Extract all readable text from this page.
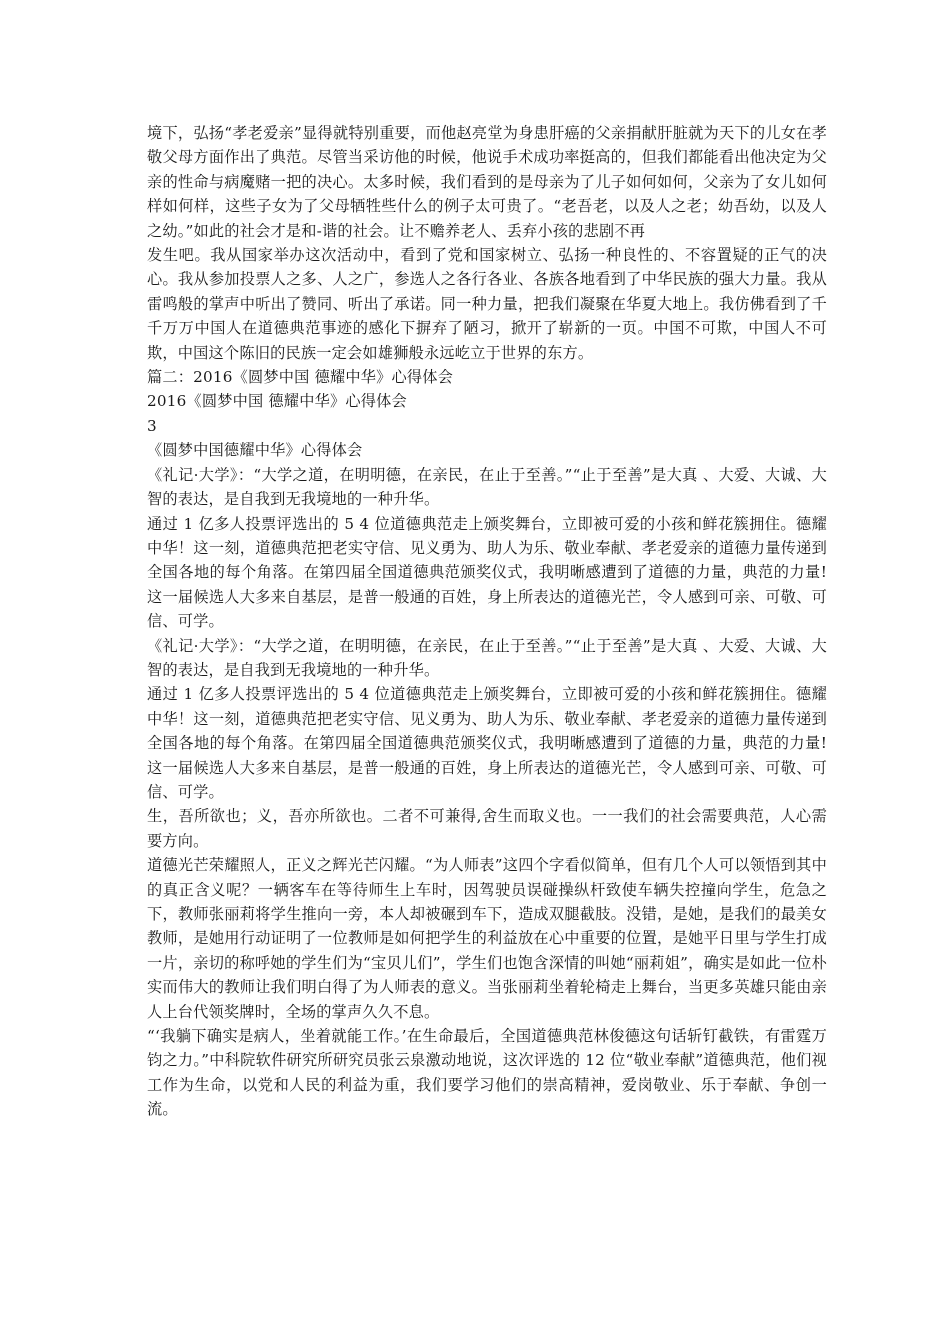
境下，弘扬“孝老爱亲”显得就特别重要，而他赵亮堂为身患肝癌的父亲捐献肝脏就为天下的儿女在孝敬父母方面作出了典范。尽管当采访他的时候，他说手术成功率挺高的，但我们都能看出他决定为父亲的性命与病魔赌一把的决心。太多时候，我们看到的是母亲为了儿子如何如何，父亲为了女儿如何样如何样，这些子女为了父母牺牲些什么的例子太可贵了。“老吾老，以及人之老；幼吾幼，以及人之幼。”如此的社会才是和-谐的社会。让不赡养老人、丢弃小孩的悲剧不再

发生吧。我从国家举办这次活动中，看到了党和国家树立、弘扬一种良性的、不容置疑的正气的决心。我从参加投票人之多、人之广，参选人之各行各业、各族各地看到了中华民族的强大力量。我从雷鸣般的掌声中听出了赞同、听出了承诺。同一种力量，把我们凝聚在华夏大地上。我仿佛看到了千千万万中国人在道德典范事迹的感化下摒弃了陋习，掀开了崭新的一页。中国不可欺，中国人不可欺，中国这个陈旧的民族一定会如雄狮般永远屹立于世界的东方。

篇二：2016《圆梦中国 德耀中华》心得体会

2016《圆梦中国 德耀中华》心得体会

3

《圆梦中国德耀中华》心得体会

《礼记·大学》：“大学之道，在明明德，在亲民，在止于至善。”“止于至善”是大真 、大爱、大诚、大智的表达，是自我到无我境地的一种升华。

通过 1 亿多人投票评选出的 5 4 位道德典范走上颁奖舞台，立即被可爱的小孩和鲜花簇拥住。德耀中华！这一刻，道德典范把老实守信、见义勇为、助人为乐、敬业奉献、孝老爱亲的道德力量传递到全国各地的每个角落。在第四届全国道德典范颁奖仪式，我明晰感遭到了道德的力量，典范的力量!这一届候选人大多来自基层，是普一般通的百姓，身上所表达的道德光芒，令人感到可亲、可敬、可信、可学。

《礼记·大学》：“大学之道，在明明德，在亲民，在止于至善。”“止于至善”是大真 、大爱、大诚、大智的表达，是自我到无我境地的一种升华。

通过 1 亿多人投票评选出的 5 4 位道德典范走上颁奖舞台，立即被可爱的小孩和鲜花簇拥住。德耀中华！这一刻，道德典范把老实守信、见义勇为、助人为乐、敬业奉献、孝老爱亲的道德力量传递到全国各地的每个角落。在第四届全国道德典范颁奖仪式，我明晰感遭到了道德的力量，典范的力量!这一届候选人大多来自基层，是普一般通的百姓，身上所表达的道德光芒，令人感到可亲、可敬、可信、可学。

生，吾所欲也；义，吾亦所欲也。二者不可兼得,舍生而取义也。一一我们的社会需要典范，人心需要方向。

道德光芒荣耀照人，正义之辉光芒闪耀。“为人师表”这四个字看似简单，但有几个人可以领悟到其中的真正含义呢？一辆客车在等待师生上车时，因驾驶员误碰操纵杆致使车辆失控撞向学生，危急之下，教师张丽莉将学生推向一旁，本人却被碾到车下，造成双腿截肢。没错，是她，是我们的最美女教师，是她用行动证明了一位教师是如何把学生的利益放在心中重要的位置，是她平日里与学生打成一片，亲切的称呼她的学生们为“宝贝儿们”，学生们也饱含深情的叫她“丽莉姐”，确实是如此一位朴实而伟大的教师让我们明白得了为人师表的意义。当张丽莉坐着轮椅走上舞台，当更多英雄只能由亲人上台代领奖牌时，全场的掌声久久不息。

“‘我躺下确实是病人，坐着就能工作。’在生命最后，全国道德典范林俊德这句话斩钉截铁，有雷霆万钧之力。”中科院软件研究所研究员张云泉激动地说，这次评选的 12 位“敬业奉献”道德典范，他们视工作为生命，以党和人民的利益为重，我们要学习他们的崇高精神，爱岗敬业、乐于奉献、争创一流。
